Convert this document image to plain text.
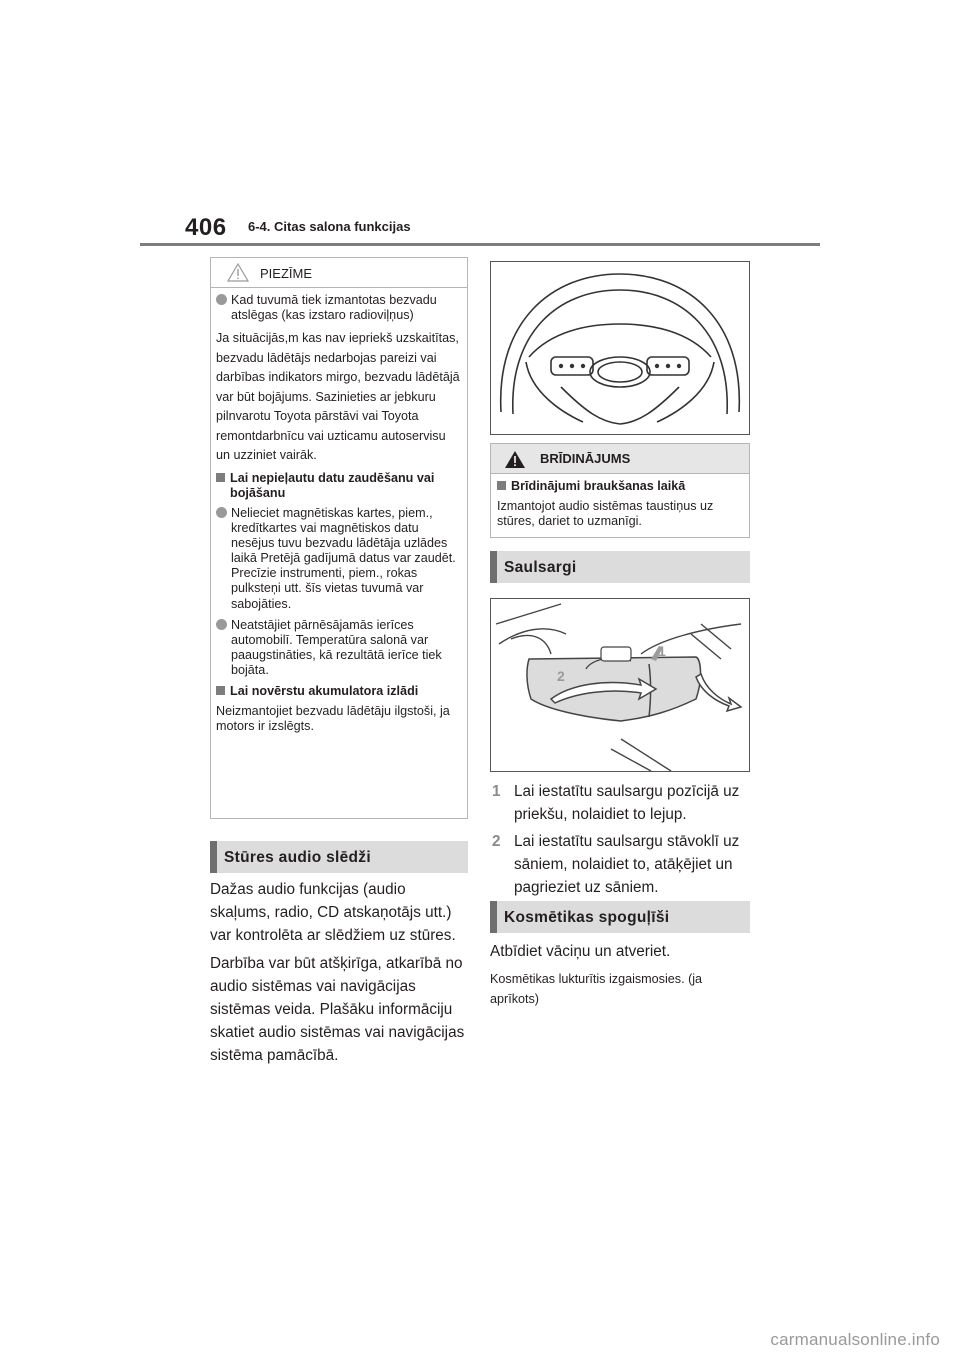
406 6-4. Citas salona funkcijas
PIEZĪME
Kad tuvumā tiek izmantotas bezvadu atslēgas (kas izstaro radioviļņus)
Ja situācijās,m kas nav iepriekš uzskaitītas, bezvadu lādētājs nedarbojas pareizi vai darbības indikators mirgo, bezvadu lādētājā var būt bojājums. Sazinieties ar jebkuru pilnvarotu Toyota pārstāvi vai Toyota remontdarbnīcu vai uzticamu autoservisu un uzziniet vairāk.
Lai nepieļautu datu zaudēšanu vai bojāšanu
Nelieciet magnētiskas kartes, piem., kredītkartes vai magnētiskos datu nesējus tuvu bezvadu lādētāja uzlādes laikā Pretējā gadījumā datus var zaudēt.
Precīzie instrumenti, piem., rokas pulksteņi utt. šīs vietas tuvumā var sabojāties.
Neatstājiet pārnēsājamās ierīces automobilī. Temperatūra salonā var paaugstināties, kā rezultātā ierīce tiek bojāta.
Lai novērstu akumulatora izlādi
Neizmantojiet bezvadu lādētāju ilgstoši, ja motors ir izslēgts.
Stūres audio slēdži
Dažas audio funkcijas (audio skaļums, radio, CD atskaņotājs utt.) var kontrolēta ar slēdžiem uz stūres.
Darbība var būt atšķirīga, atkarībā no audio sistēmas vai navigācijas sistēmas veida. Plašāku informāciju skatiet audio sistēmas vai navigācijas sistēma pamācībā.
BRĪDINĀJUMS
Brīdinājumi braukšanas laikā
Izmantojot audio sistēmas taustiņus uz stūres, dariet to uzmanīgi.
Saulsargi
1
2
1 Lai iestatītu saulsargu pozīcijā uz priekšu, nolaidiet to lejup.
2 Lai iestatītu saulsargu stāvoklī uz sāniem, nolaidiet to, atāķējiet un pagrieziet uz sāniem.
Kosmētikas spoguļīši
Atbīdiet vāciņu un atveriet.
Kosmētikas lukturītis izgaismosies. (ja aprīkots)
carmanualsonline.info
